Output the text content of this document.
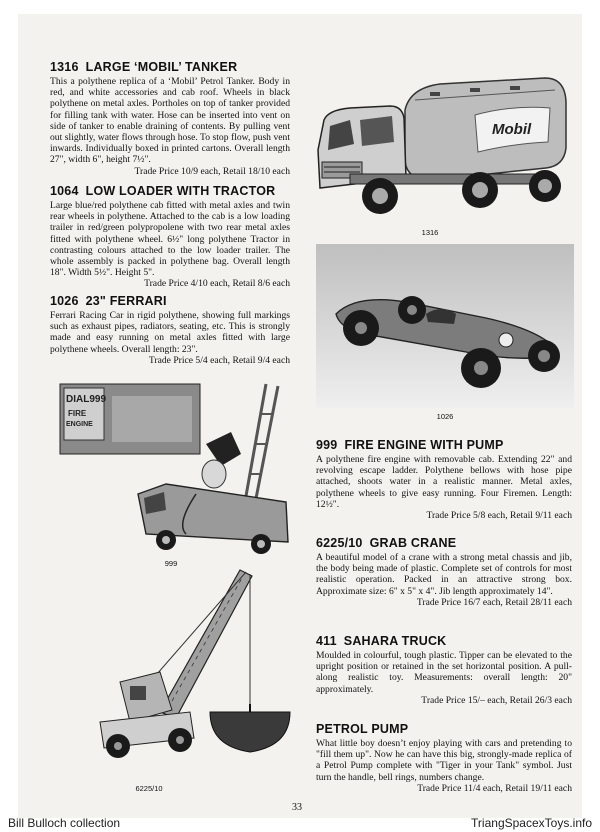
1316 LARGE ‘MOBIL’ TANKER

This a polythene replica of a ‘Mobil’ Petrol Tanker. Body in red, and white accessories and cab roof. Wheels in black polythene on metal axles. Portholes on top of tanker provided for filling tank with water. Hose can be inserted into vent on side of tanker to enable draining of contents. By pulling vent out slightly, water flows through hose. To stop flow, push vent inwards. Individually boxed in printed cartons. Overall length 27", width 6", height 7½".

Trade Price 10/9 each, Retail 18/10 each

1064 LOW LOADER WITH TRACTOR

Large blue/red polythene cab fitted with metal axles and twin rear wheels in polythene. Attached to the cab is a low loading trailer in red/green polypropolene with two rear metal axles fitted with polythene wheel. 6½" long polythene Tractor in contrasting colours attached to the low loader trailer. The whole assembly is packed in polythene bag. Overall length 18". Width 5½". Height 5".

Trade Price 4/10 each, Retail 8/6 each

1026 23" FERRARI

Ferrari Racing Car in rigid polythene, showing full markings such as exhaust pipes, radiators, seating, etc. This is strongly made and easy running on metal axles fitted with large polythene wheels. Overall length: 23".

Trade Price 5/4 each, Retail 9/4 each

Mobil
1316
1026
DIAL999
FIRE
ENGINE
999
6225/10

999 FIRE ENGINE WITH PUMP

A polythene fire engine with removable cab. Extending 22" and revolving escape ladder. Polythene bellows with hose pipe attached, shoots water in a realistic manner. Metal axles, polythene wheels to give easy running. Four Firemen. Length: 12½".

Trade Price 5/8 each, Retail 9/11 each

6225/10 GRAB CRANE

A beautiful model of a crane with a strong metal chassis and jib, the body being made of plastic. Complete set of controls for most realistic operation. Packed in an attractive strong box. Approximate size: 6" x 5" x 4". Jib length approximately 14".

Trade Price 16/7 each, Retail 28/11 each

411 SAHARA TRUCK

Moulded in colourful, tough plastic. Tipper can be elevated to the upright position or retained in the set horizontal position. A pull-along realistic toy. Measurements: overall length: 20" approximately.

Trade Price 15/– each, Retail 26/3 each

PETROL PUMP

What little boy doesn’t enjoy playing with cars and pretending to "fill them up". Now he can have this big, strongly-made replica of a Petrol Pump complete with "Tiger in your Tank" symbol. Just turn the handle, bell rings, numbers change.

Trade Price 11/4 each, Retail 19/11 each

33
Bill Bulloch collection	TriangSpacexToys.info
